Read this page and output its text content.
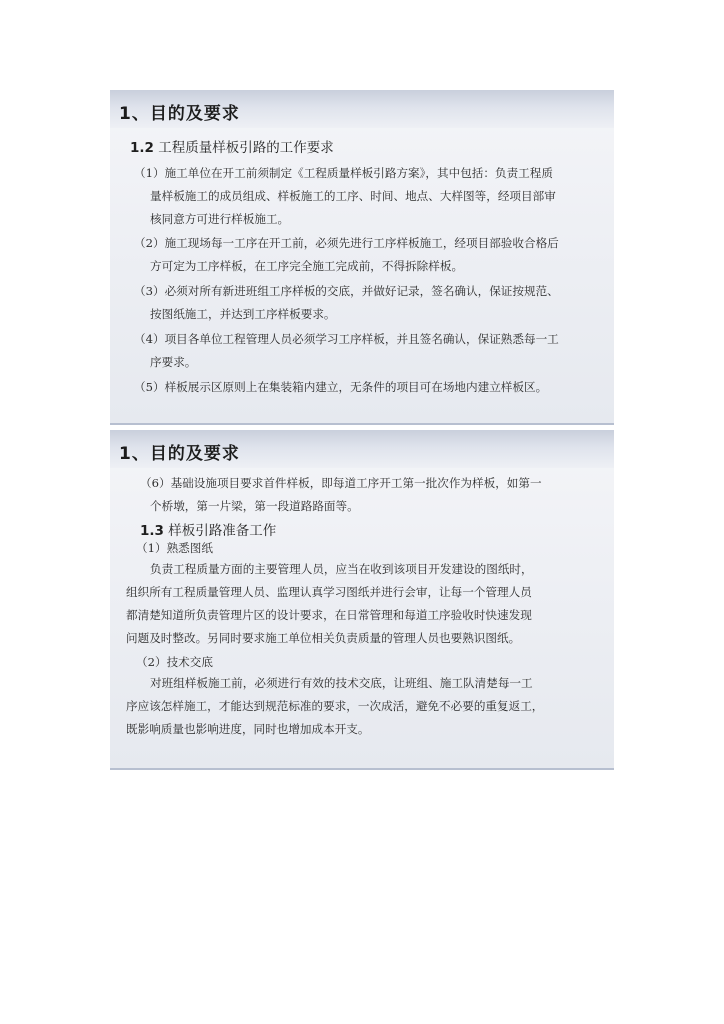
1、目的及要求
1.2 工程质量样板引路的工作要求
（1）施工单位在开工前须制定《工程质量样板引路方案》，其中包括：负责工程质
量样板施工的成员组成、样板施工的工序、时间、地点、大样图等，经项目部审
核同意方可进行样板施工。
（2）施工现场每一工序在开工前，必须先进行工序样板施工，经项目部验收合格后
方可定为工序样板，在工序完全施工完成前，不得拆除样板。
（3）必须对所有新进班组工序样板的交底，并做好记录，签名确认，保证按规范、
按图纸施工，并达到工序样板要求。
（4）项目各单位工程管理人员必须学习工序样板，并且签名确认，保证熟悉每一工
序要求。
（5）样板展示区原则上在集装箱内建立，无条件的项目可在场地内建立样板区。
1、目的及要求
（6）基础设施项目要求首件样板，即每道工序开工第一批次作为样板，如第一
个桥墩，第一片梁，第一段道路路面等。
1.3 样板引路准备工作
（1）熟悉图纸
负责工程质量方面的主要管理人员，应当在收到该项目开发建设的图纸时，
组织所有工程质量管理人员、监理认真学习图纸并进行会审，让每一个管理人员
都清楚知道所负责管理片区的设计要求，在日常管理和每道工序验收时快速发现
问题及时整改。另同时要求施工单位相关负责质量的管理人员也要熟识图纸。
（2）技术交底
对班组样板施工前，必须进行有效的技术交底，让班组、施工队清楚每一工
序应该怎样施工，才能达到规范标准的要求，一次成活，避免不必要的重复返工，
既影响质量也影响进度，同时也增加成本开支。
